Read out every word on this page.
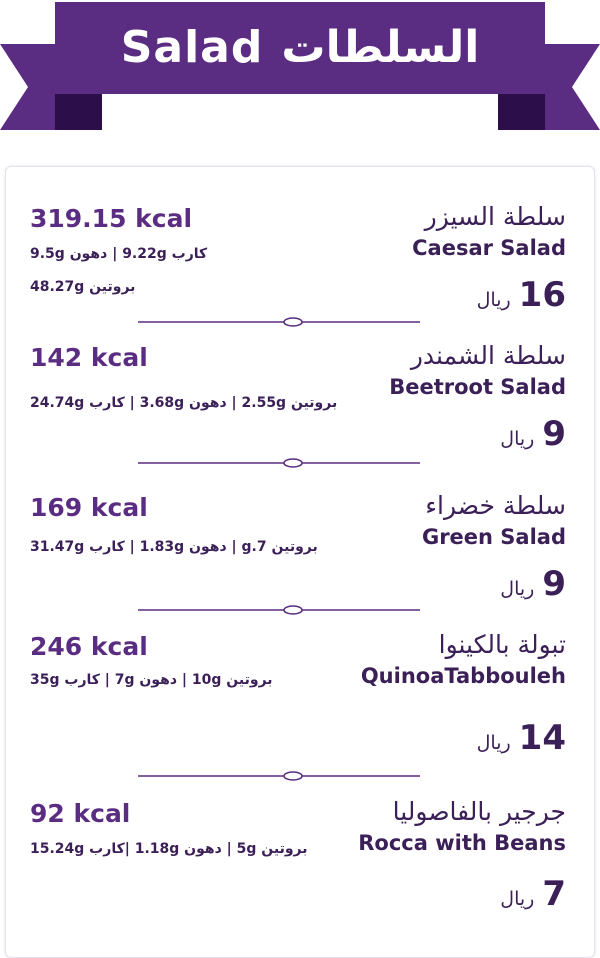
Salad السلطات
سلطة السيزر
Caesar Salad
319.15 kcal
كارب 9.22g | دهون 9.5g
بروتين 48.27g
ريال 16
سلطة الشمندر
Beetroot Salad
142 kcal
بروتين 2.55g | دهون 3.68g | كارب 24.74g
ريال 9
سلطة خضراء
Green Salad
169 kcal
بروتين 7.g | دهون 1.83g | كارب 31.47g
ريال 9
تبولة بالكينوا
QuinoaTabbouleh
246 kcal
بروتين 10g | دهون 7g | كارب 35g
ريال 14
جرجير بالفاصوليا
Rocca with Beans
92 kcal
بروتين 5g | دهون 1.18g |كارب 15.24g
ريال 7
